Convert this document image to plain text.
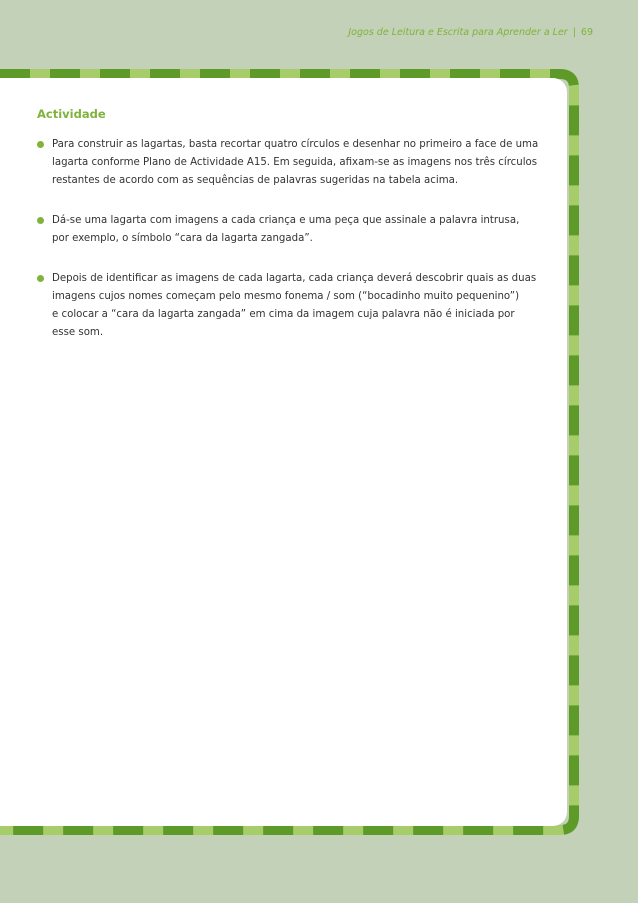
Jogos de Leitura e Escrita para Aprender a Ler | 69
Actividade
Para construir as lagartas, basta recortar quatro círculos e desenhar no primeiro a face de uma
lagarta conforme Plano de Actividade A15. Em seguida, afixam-se as imagens nos três círculos
restantes de acordo com as sequências de palavras sugeridas na tabela acima.
Dá-se uma lagarta com imagens a cada criança e uma peça que assinale a palavra intrusa,
por exemplo, o símbolo “cara da lagarta zangada”.
Depois de identificar as imagens de cada lagarta, cada criança deverá descobrir quais as duas
imagens cujos nomes começam pelo mesmo fonema / som (“bocadinho muito pequenino”)
e colocar a “cara da lagarta zangada” em cima da imagem cuja palavra não é iniciada por
esse som.
